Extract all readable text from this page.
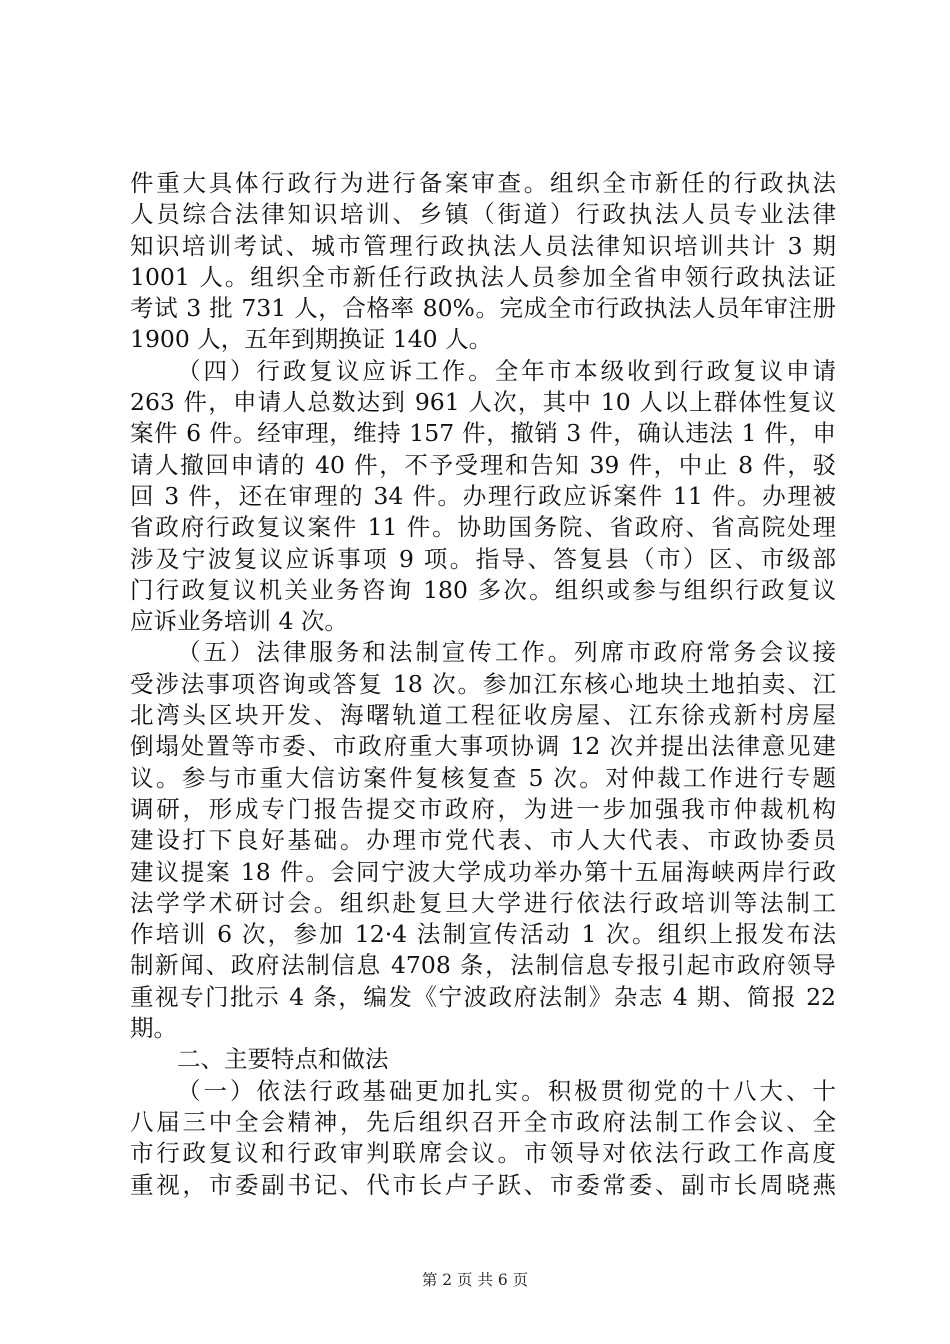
件重大具体行政行为进行备案审查。组织全市新任的行政执法
人员综合法律知识培训、乡镇（街道）行政执法人员专业法律
知识培训考试、城市管理行政执法人员法律知识培训共计 3 期
1001 人。组织全市新任行政执法人员参加全省申领行政执法证
考试 3 批 731 人，合格率 80%。完成全市行政执法人员年审注册
1900 人，五年到期换证 140 人。
（四）行政复议应诉工作。全年市本级收到行政复议申请
263 件，申请人总数达到 961 人次，其中 10 人以上群体性复议
案件 6 件。经审理，维持 157 件，撤销 3 件，确认违法 1 件，申
请人撤回申请的 40 件，不予受理和告知 39 件，中止 8 件，驳
回 3 件，还在审理的 34 件。办理行政应诉案件 11 件。办理被
省政府行政复议案件 11 件。协助国务院、省政府、省高院处理
涉及宁波复议应诉事项 9 项。指导、答复县（市）区、市级部
门行政复议机关业务咨询 180 多次。组织或参与组织行政复议
应诉业务培训 4 次。
（五）法律服务和法制宣传工作。列席市政府常务会议接
受涉法事项咨询或答复 18 次。参加江东核心地块土地拍卖、江
北湾头区块开发、海曙轨道工程征收房屋、江东徐戎新村房屋
倒塌处置等市委、市政府重大事项协调 12 次并提出法律意见建
议。参与市重大信访案件复核复查 5 次。对仲裁工作进行专题
调研，形成专门报告提交市政府，为进一步加强我市仲裁机构
建设打下良好基础。办理市党代表、市人大代表、市政协委员
建议提案 18 件。会同宁波大学成功举办第十五届海峡两岸行政
法学学术研讨会。组织赴复旦大学进行依法行政培训等法制工
作培训 6 次，参加 12·4 法制宣传活动 1 次。组织上报发布法
制新闻、政府法制信息 4708 条，法制信息专报引起市政府领导
重视专门批示 4 条，编发《宁波政府法制》杂志 4 期、简报 22
期。
二、主要特点和做法
（一）依法行政基础更加扎实。积极贯彻党的十八大、十
八届三中全会精神，先后组织召开全市政府法制工作会议、全
市行政复议和行政审判联席会议。市领导对依法行政工作高度
重视，市委副书记、代市长卢子跃、市委常委、副市长周晓燕
第 2 页 共 6 页
